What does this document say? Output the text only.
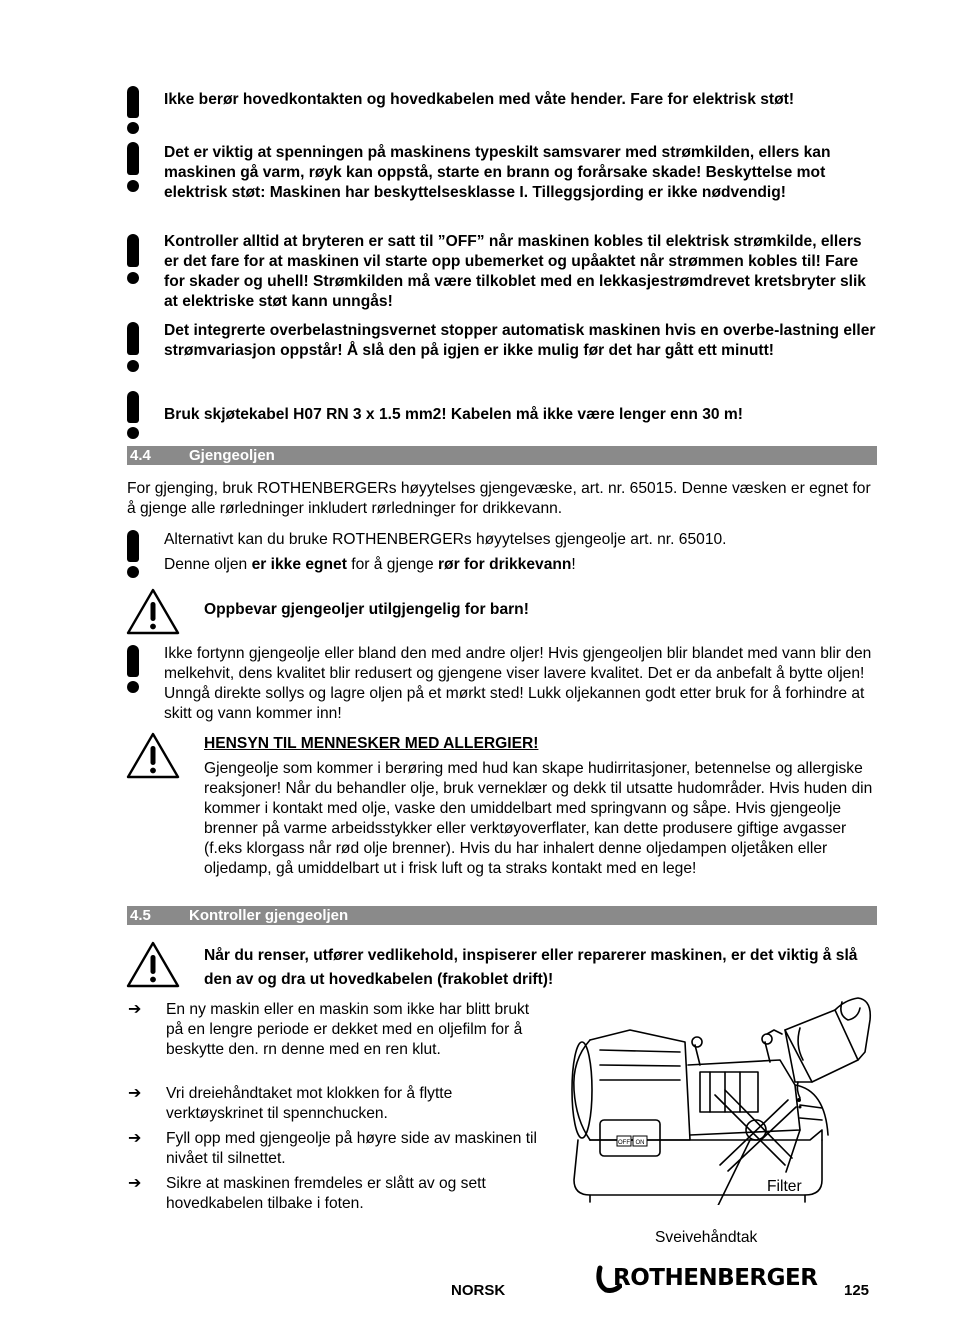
Ikke berør hovedkontakten og hovedkabelen med våte hender. Fare for elektrisk støt!
Det er viktig at spenningen på maskinens typeskilt samsvarer med strømkilden, ellers kan maskinen gå varm, røyk kan oppstå, starte en brann og forårsake skade! Beskyttelse mot elektrisk støt: Maskinen har beskyttelsesklasse I. Tilleggsjording er ikke nødvendig!
Kontroller alltid at bryteren er satt til ”OFF” når maskinen kobles til elektrisk strømkilde, ellers er det fare for at maskinen vil starte opp ubemerket og upåaktet når strømmen kobles til! Fare for skader og uhell! Strømkilden må være tilkoblet med en lekkasjestrømdrevet kretsbryter slik at elektriske støt kann unngås!
Det integrerte overbelastningsvernet stopper automatisk maskinen hvis en overbe-lastning eller strømvariasjon oppstår! Å slå den på igjen er ikke mulig før det har gått ett minutt!
Bruk skjøtekabel H07 RN 3 x 1.5 mm2! Kabelen må ikke være lenger enn 30 m!
4.4	Gjengeoljen
For gjenging, bruk ROTHENBERGERs høyytelses gjengevæske, art. nr. 65015. Denne væsken er egnet for å gjenge alle rørledninger inkludert rørledninger for drikkevann.
Alternativt kan du bruke ROTHENBERGERs høyytelses gjengeolje art. nr. 65010.
Denne oljen er ikke egnet for å gjenge rør for drikkevann!
Oppbevar gjengeoljer utilgjengelig for barn!
Ikke fortynn gjengeolje eller bland den med andre oljer! Hvis gjengeoljen blir blandet med vann blir den melkehvit, dens kvalitet blir redusert og gjengene viser lavere kvalitet. Det er da anbefalt å bytte oljen! Unngå direkte sollys og lagre oljen på et mørkt sted! Lukk oljekannen godt etter bruk for å forhindre at skitt og vann kommer inn!
HENSYN TIL MENNESKER MED ALLERGIER!
Gjengeolje som kommer i berøring med hud kan skape hudirritasjoner, betennelse og allergiske reaksjoner! Når du behandler olje, bruk verneklær og dekk til utsatte hudområder. Hvis huden din kommer i kontakt med olje, vaske den umiddelbart med springvann og såpe. Hvis gjengeolje brenner på varme arbeidsstykker eller verktøyoverflater, kan dette produsere giftige avgasser (f.eks klorgass når rød olje brenner). Hvis du har inhalert denne oljedampen oljetåken eller oljedamp, gå umiddelbart ut i frisk luft og ta straks kontakt med en lege!
4.5	Kontroller gjengeoljen
Når du renser, utfører vedlikehold, inspiserer eller reparerer maskinen, er det viktig å slå den av og dra ut hovedkabelen (frakoblet drift)!
➔ En ny maskin eller en maskin som ikke har blitt brukt på en lengre periode er dekket med en oljefilm for å beskytte den. rn denne med en ren klut.
➔ Vri dreiehåndtaket mot klokken for å flytte verktøyskrinet til spennchucken.
➔ Fyll opp med gjengeolje på høyre side av maskinen til nivået til silnettet.
➔ Sikre at maskinen fremdeles er slått av og sett hovedkabelen tilbake i foten.
OFF ON
Filter
Sveivehåndtak
NORSK	ROTHENBERGER 125
